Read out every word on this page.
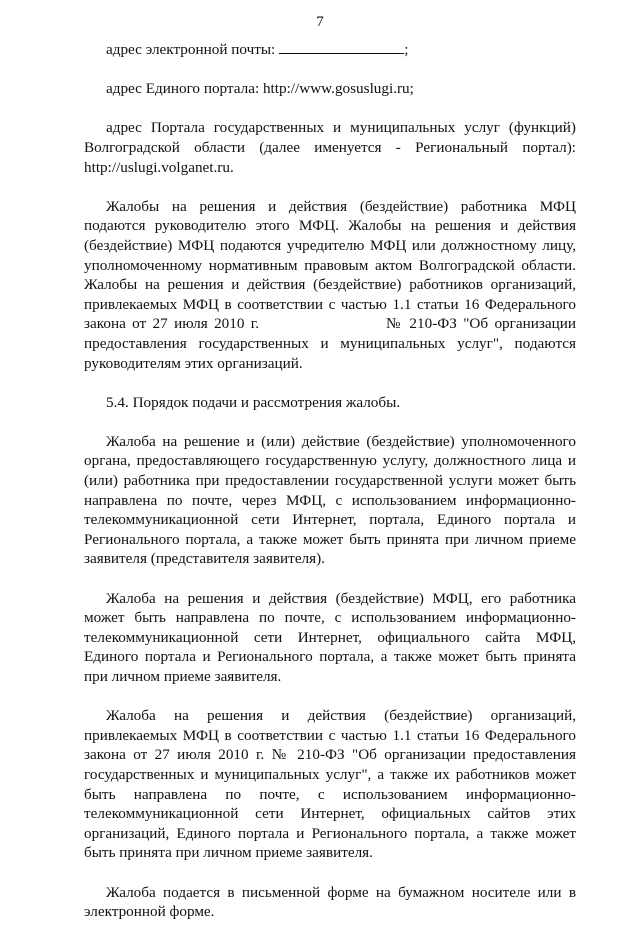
7

адрес электронной почты:	;

адрес Единого портала: http://www.gosuslugi.ru;

адрес Портала государственных и муниципальных услуг (функций)
Волгоградской области (далее именуется - Региональный портал):
http://uslugi.volganet.ru.
Жалобы на решения и действия (бездействие) работника МФЦ
подаются руководителю этого МФЦ. Жалобы на решения и действия
(бездействие) МФЦ подаются учредителю МФЦ или должностному лицу,
уполномоченному нормативным правовым актом Волгоградской области.
Жалобы на решения и действия (бездействие) работников организаций,
привлекаемых МФЦ в соответствии с частью 1.1 статьи 16 Федерального
закона от 27 июля 2010 г.                    № 210-ФЗ "Об организации
предоставления государственных и муниципальных услуг", подаются
руководителям этих организаций.

5.4. Порядок подачи и рассмотрения жалобы.

Жалоба на решение и (или) действие (бездействие) уполномоченного
органа, предоставляющего государственную услугу, должностного лица и
(или) работника при предоставлении государственной услуги может быть
направлена по почте, через МФЦ, с использованием информационно-
телекоммуникационной сети Интернет, портала, Единого портала и
Регионального портала, а также может быть принята при личном приеме
заявителя (представителя заявителя).
Жалоба на решения и действия (бездействие) МФЦ, его работника
может быть направлена по почте, с использованием информационно-
телекоммуникационной сети Интернет, официального сайта МФЦ,
Единого портала и Регионального портала, а также может быть принята
при личном приеме заявителя.
Жалоба на решения и действия (бездействие) организаций,
привлекаемых МФЦ в соответствии с частью 1.1 статьи 16 Федерального
закона от 27 июля 2010 г. № 210-ФЗ "Об организации предоставления
государственных и муниципальных услуг", а также их работников может
быть направлена по почте, с использованием информационно-
телекоммуникационной сети Интернет, официальных сайтов этих
организаций, Единого портала и Регионального портала, а также может
быть принята при личном приеме заявителя.
Жалоба подается в письменной форме на бумажном носителе или в
электронной форме.
